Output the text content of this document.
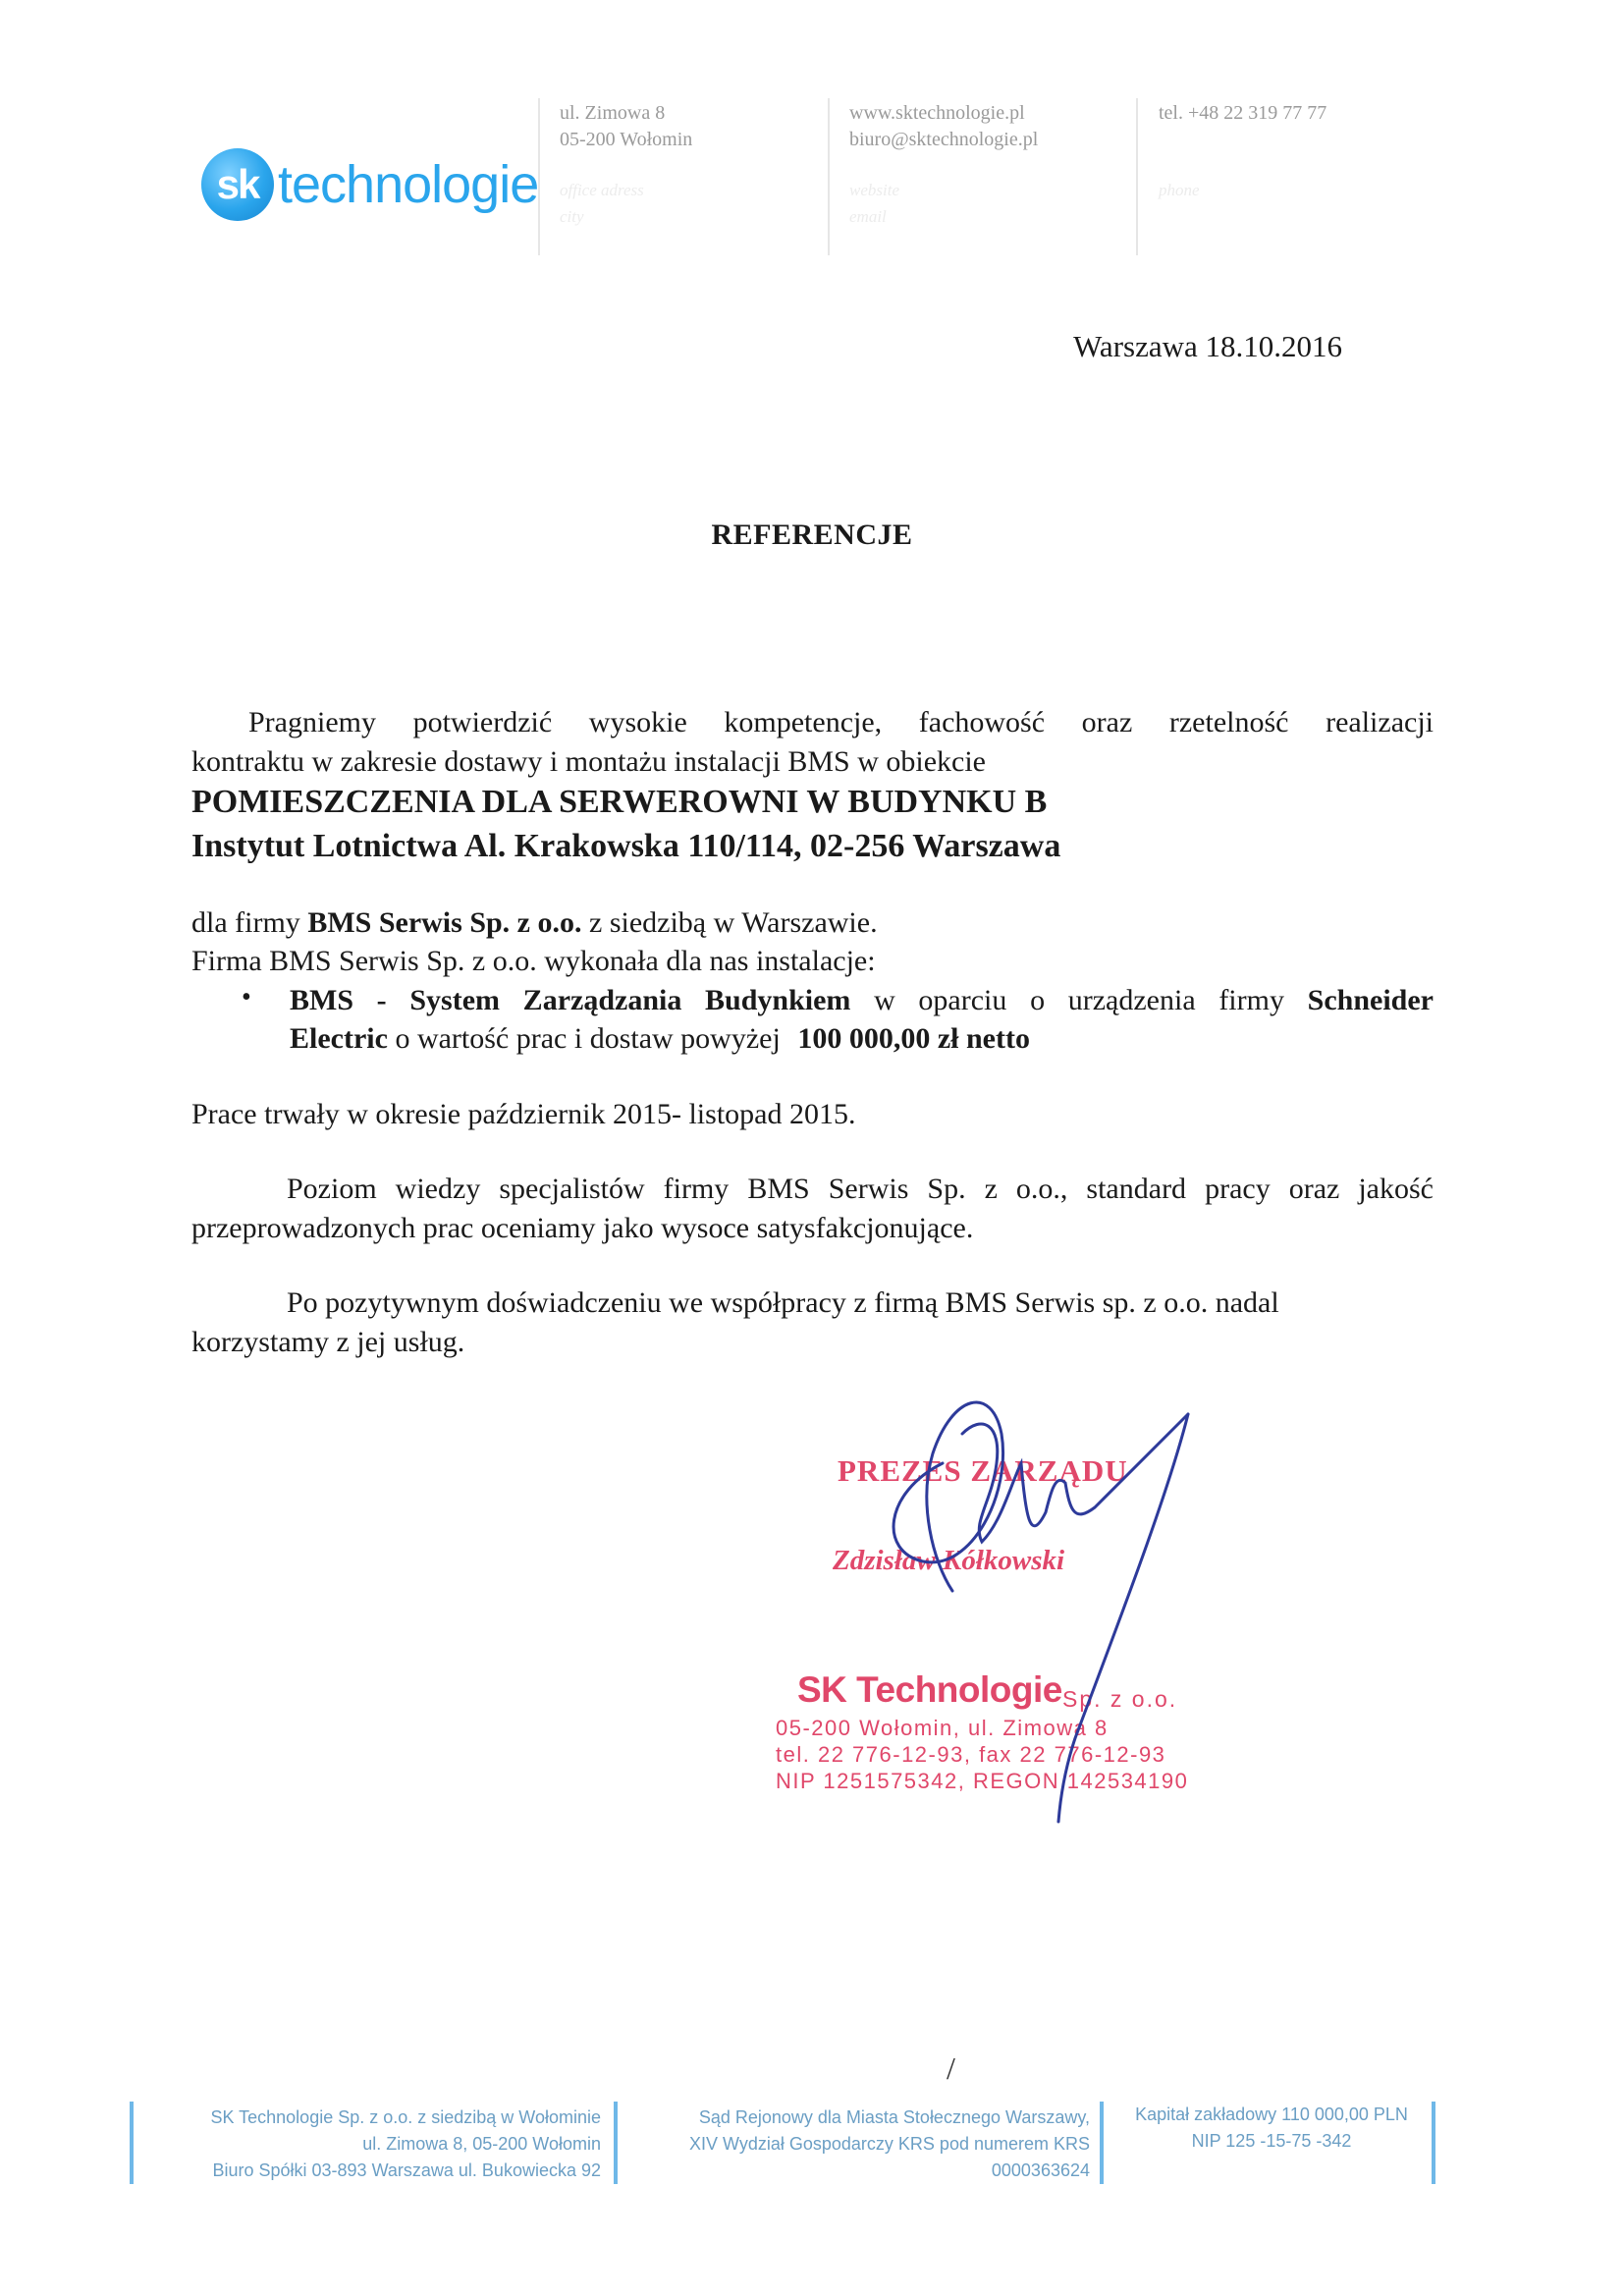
sk technologie
ul. Zimowa 8
05-200 Wołomin
office adress
city
www.sktechnologie.pl
biuro@sktechnologie.pl
website
email
tel. +48 22 319 77 77
phone
Warszawa 18.10.2016
REFERENCJE
Pragniemy potwierdzić wysokie kompetencje, fachowość oraz rzetelność realizacji
kontraktu w zakresie dostawy i montażu instalacji BMS w obiekcie
POMIESZCZENIA DLA SERWEROWNI W BUDYNKU B
Instytut Lotnictwa Al. Krakowska 110/114, 02-256 Warszawa
dla firmy BMS Serwis Sp. z o.o. z siedzibą w Warszawie.
Firma BMS Serwis Sp. z o.o. wykonała dla nas instalacje:
• BMS - System Zarządzania Budynkiem w oparciu o urządzenia firmy Schneider
Electric o wartość prac i dostaw powyżej 100 000,00 zł netto
Prace trwały w okresie październik 2015- listopad 2015.
Poziom wiedzy specjalistów firmy BMS Serwis Sp. z o.o., standard pracy oraz jakość
przeprowadzonych prac oceniamy jako wysoce satysfakcjonujące.
Po pozytywnym doświadczeniu we współpracy z firmą BMS Serwis sp. z o.o. nadal
korzystamy z jej usług.
PREZES ZARZĄDU
Zdzisław Kółkowski
SK Technologie Sp. z o.o.
05-200 Wołomin, ul. Zimowa 8
tel. 22 776-12-93, fax 22 776-12-93
NIP 1251575342, REGON 142534190
/
SK Technologie Sp. z o.o. z siedzibą w Wołominie
ul. Zimowa 8, 05-200 Wołomin
Biuro Spółki 03-893 Warszawa ul. Bukowiecka 92
Sąd Rejonowy dla Miasta Stołecznego Warszawy,
XIV Wydział Gospodarczy KRS pod numerem KRS
0000363624
Kapitał zakładowy 110 000,00 PLN
NIP 125 -15-75 -342
